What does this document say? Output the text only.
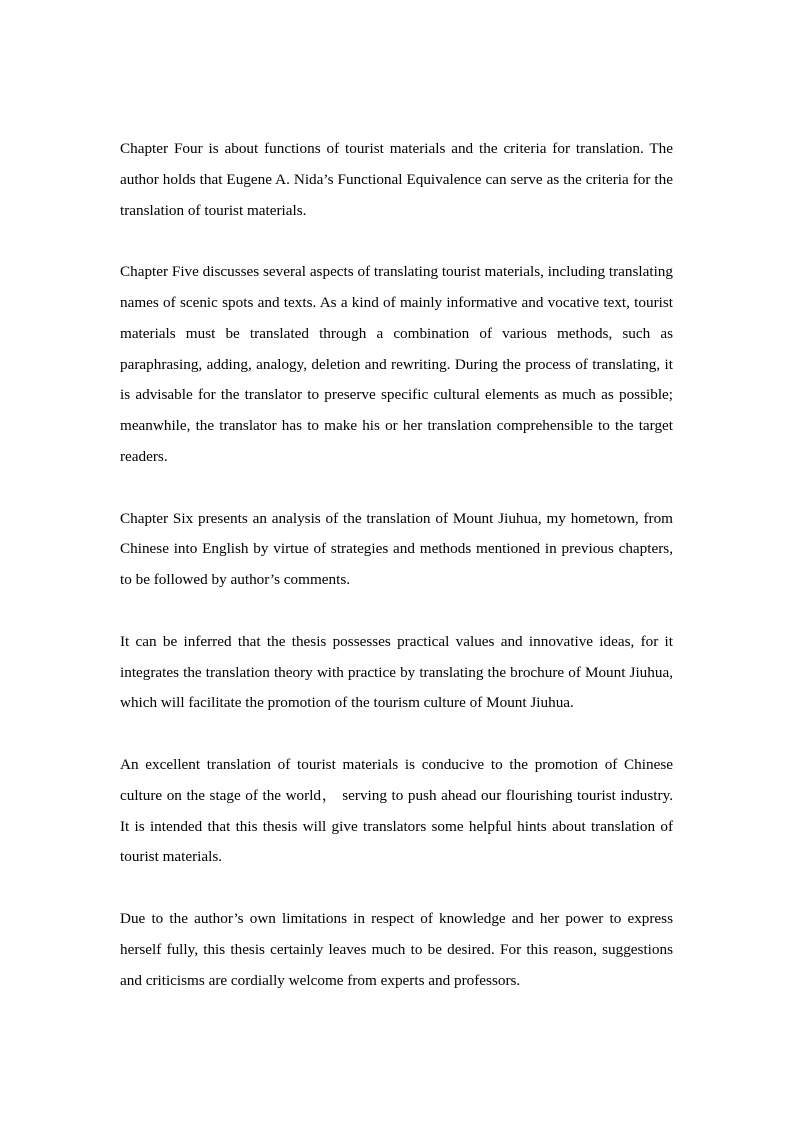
Chapter Four is about functions of tourist materials and the criteria for translation. The author holds that Eugene A. Nida’s Functional Equivalence can serve as the criteria for the translation of tourist materials.

Chapter Five discusses several aspects of translating tourist materials, including translating names of scenic spots and texts. As a kind of mainly informative and vocative text, tourist materials must be translated through a combination of various methods, such as paraphrasing, adding, analogy, deletion and rewriting. During the process of translating, it is advisable for the translator to preserve specific cultural elements as much as possible; meanwhile, the translator has to make his or her translation comprehensible to the target readers.

Chapter Six presents an analysis of the translation of Mount Jiuhua, my hometown, from Chinese into English by virtue of strategies and methods mentioned in previous chapters, to be followed by author’s comments.

It can be inferred that the thesis possesses practical values and innovative ideas, for it integrates the translation theory with practice by translating the brochure of Mount Jiuhua, which will facilitate the promotion of the tourism culture of Mount Jiuhua.

An excellent translation of tourist materials is conducive to the promotion of Chinese culture on the stage of the world， serving to push ahead our flourishing tourist industry. It is intended that this thesis will give translators some helpful hints about translation of tourist materials.

Due to the author’s own limitations in respect of knowledge and her power to express herself fully, this thesis certainly leaves much to be desired. For this reason, suggestions and criticisms are cordially welcome from experts and professors.
